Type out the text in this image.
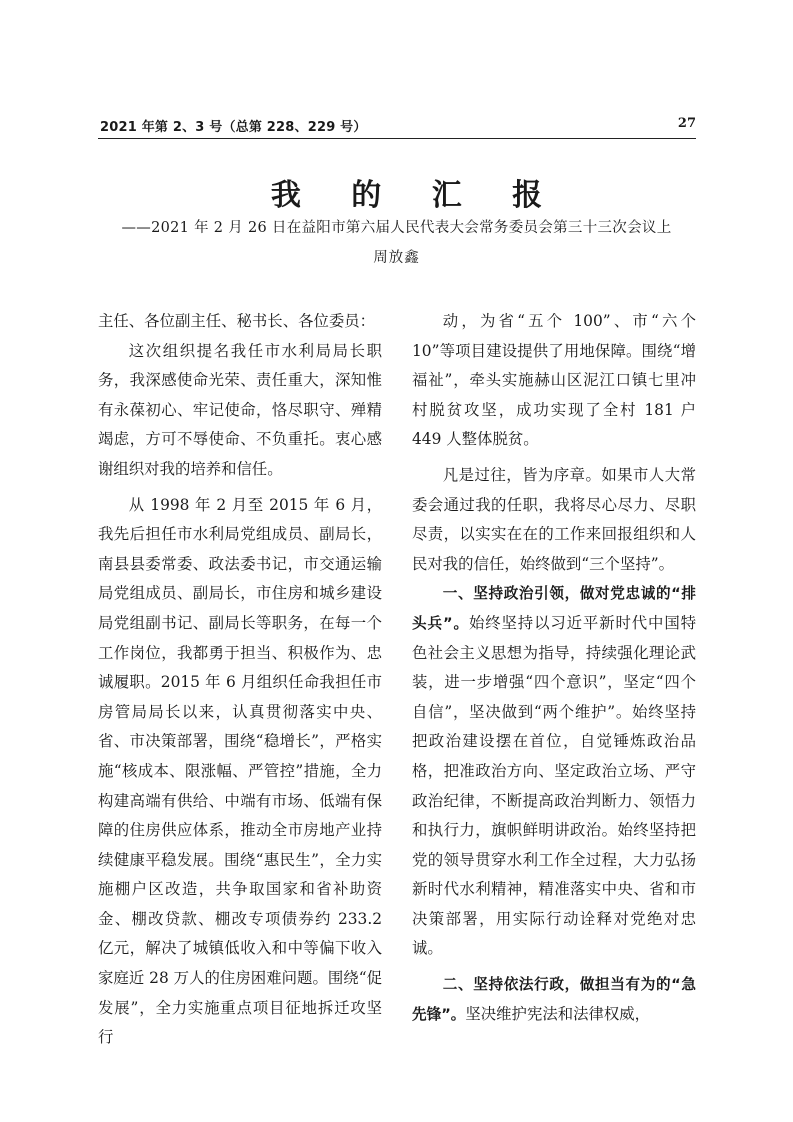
2021 年第 2、3 号（总第 228、229 号）	27
我 的 汇 报
——2021 年 2 月 26 日在益阳市第六届人民代表大会常务委员会第三十三次会议上
周放鑫

主任、各位副主任、秘书长、各位委员：

这次组织提名我任市水利局局长职务，我深感使命光荣、责任重大，深知惟有永葆初心、牢记使命，恪尽职守、殚精竭虑，方可不辱使命、不负重托。衷心感谢组织对我的培养和信任。

从 1998 年 2 月至 2015 年 6 月，我先后担任市水利局党组成员、副局长，南县县委常委、政法委书记，市交通运输局党组成员、副局长，市住房和城乡建设局党组副书记、副局长等职务，在每一个工作岗位，我都勇于担当、积极作为、忠诚履职。2015 年 6 月组织任命我担任市房管局局长以来，认真贯彻落实中央、省、市决策部署，围绕“稳增长”，严格实施“核成本、限涨幅、严管控”措施，全力构建高端有供给、中端有市场、低端有保障的住房供应体系，推动全市房地产业持续健康平稳发展。围绕“惠民生”，全力实施棚户区改造，共争取国家和省补助资金、棚改贷款、棚改专项债券约 233.2 亿元，解决了城镇低收入和中等偏下收入家庭近 28 万人的住房困难问题。围绕“促发展”，全力实施重点项目征地拆迁攻坚行

动，为省“五个 100”、市“六个 10”等项目建设提供了用地保障。围绕“增福祉”，牵头实施赫山区泥江口镇七里冲村脱贫攻坚，成功实现了全村 181 户 449 人整体脱贫。

凡是过往，皆为序章。如果市人大常委会通过我的任职，我将尽心尽力、尽职尽责，以实实在在的工作来回报组织和人民对我的信任，始终做到“三个坚持”。

一、坚持政治引领，做对党忠诚的“排头兵”。始终坚持以习近平新时代中国特色社会主义思想为指导，持续强化理论武装，进一步增强“四个意识”，坚定“四个自信”，坚决做到“两个维护”。始终坚持把政治建设摆在首位，自觉锤炼政治品格，把准政治方向、坚定政治立场、严守政治纪律，不断提高政治判断力、领悟力和执行力，旗帜鲜明讲政治。始终坚持把党的领导贯穿水利工作全过程，大力弘扬新时代水利精神，精准落实中央、省和市决策部署，用实际行动诠释对党绝对忠诚。

二、坚持依法行政，做担当有为的“急先锋”。坚决维护宪法和法律权威，
